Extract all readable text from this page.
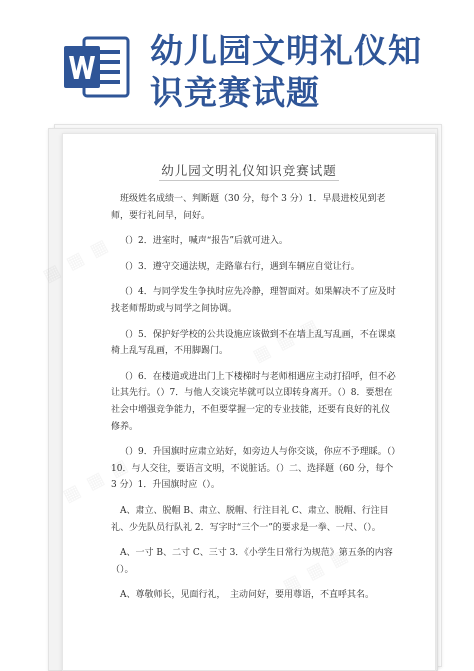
幼儿园文明礼仪知
识竞赛试题
幼儿园文明礼仪知识竞赛试题

班级姓名成绩一、判断题（30 分，每个 3 分）1．早晨进校见到老师，要行礼问早，问好。

（）2．进室时，喊声“报告”后就可进入。

（）3．遵守交通法规，走路靠右行，遇到车辆应自觉让行。

（）4．与同学发生争执时应先冷静，理智面对。如果解决不了应及时找老师帮助或与同学之间协调。

（）5．保护好学校的公共设施应该做到不在墙上乱写乱画，不在课桌椅上乱写乱画，不用脚踢门。

（）6．在楼道或进出门上下楼梯时与老师相遇应主动打招呼，但不必让其先行。（）7．与他人交谈完毕就可以立即转身离开。（）8．要想在社会中增强竞争能力，不但要掌握一定的专业技能，还要有良好的礼仪修养。

（）9．升国旗时应肃立站好，如旁边人与你交谈，你应不予理睬。（）10．与人交往，要语言文明，不说脏话。（）二、选择题（60 分，每个 3 分）1．升国旗时应（）。

A、肃立、脱帽 B、肃立、脱帽、行注目礼 C、肃立、脱帽、行注目礼、少先队员行队礼 2．写字时“三个一”的要求是一拳、一尺、（）。

A、一寸 B、二寸 C、三寸 3．《小学生日常行为规范》第五条的内容（）。

A、尊敬师长，见面行礼，　主动问好，要用尊语，不直呼其名。
